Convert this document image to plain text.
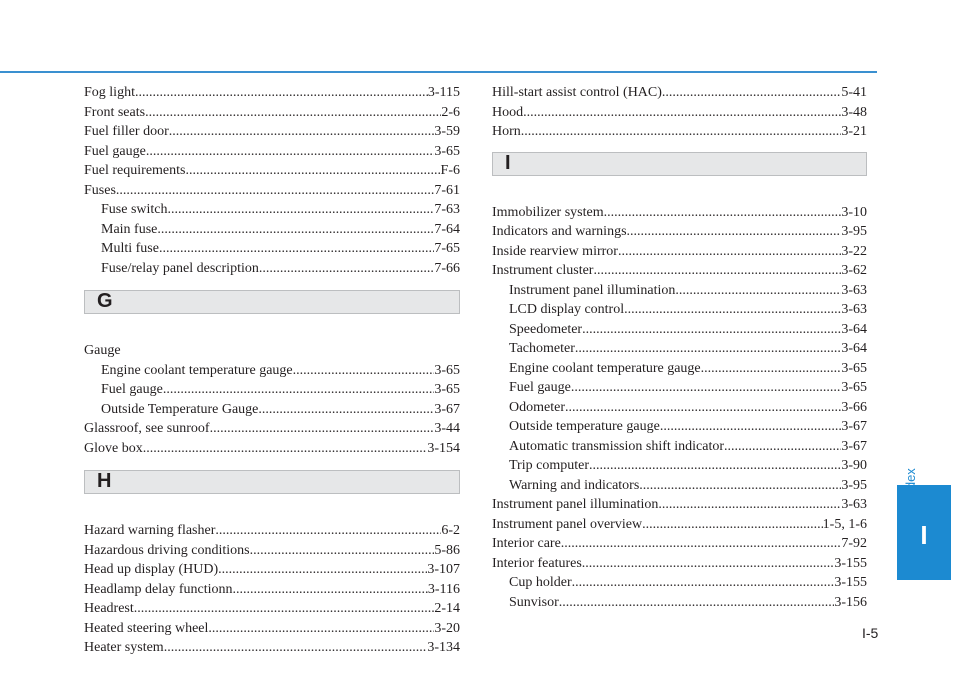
Fog light .....	3-115
Front seats .....	2-6
Fuel filler door .....	3-59
Fuel gauge .....	3-65
Fuel requirements .....	F-6
Fuses .....	7-61
Fuse switch .....	7-63
Main fuse .....	7-64
Multi fuse .....	7-65
Fuse/relay panel description .....	7-66
G
Gauge
Engine coolant temperature gauge .....	3-65
Fuel gauge .....	3-65
Outside Temperature Gauge .....	3-67
Glassroof, see sunroof .....	3-44
Glove box .....	3-154
H
Hazard warning flasher .....	6-2
Hazardous driving conditions .....	5-86
Head up display (HUD) .....	3-107
Headlamp delay functionn .....	3-116
Headrest .....	2-14
Heated steering wheel .....	3-20
Heater system .....	3-134
Hill-start assist control (HAC) .....	5-41
Hood .....	3-48
Horn .....	3-21
I
Immobilizer system .....	3-10
Indicators and warnings .....	3-95
Inside rearview mirror .....	3-22
Instrument cluster .....	3-62
Instrument panel illumination .....	3-63
LCD display control .....	3-63
Speedometer .....	3-64
Tachometer .....	3-64
Engine coolant temperature gauge .....	3-65
Fuel gauge .....	3-65
Odometer .....	3-66
Outside temperature gauge .....	3-67
Automatic transmission shift indicator .....	3-67
Trip computer .....	3-90
Warning and indicators .....	3-95
Instrument panel illumination .....	3-63
Instrument panel overview .....	1-5, 1-6
Interior care .....	7-92
Interior features .....	3-155
Cup holder .....	3-155
Sunvisor .....	3-156
I
I-5
